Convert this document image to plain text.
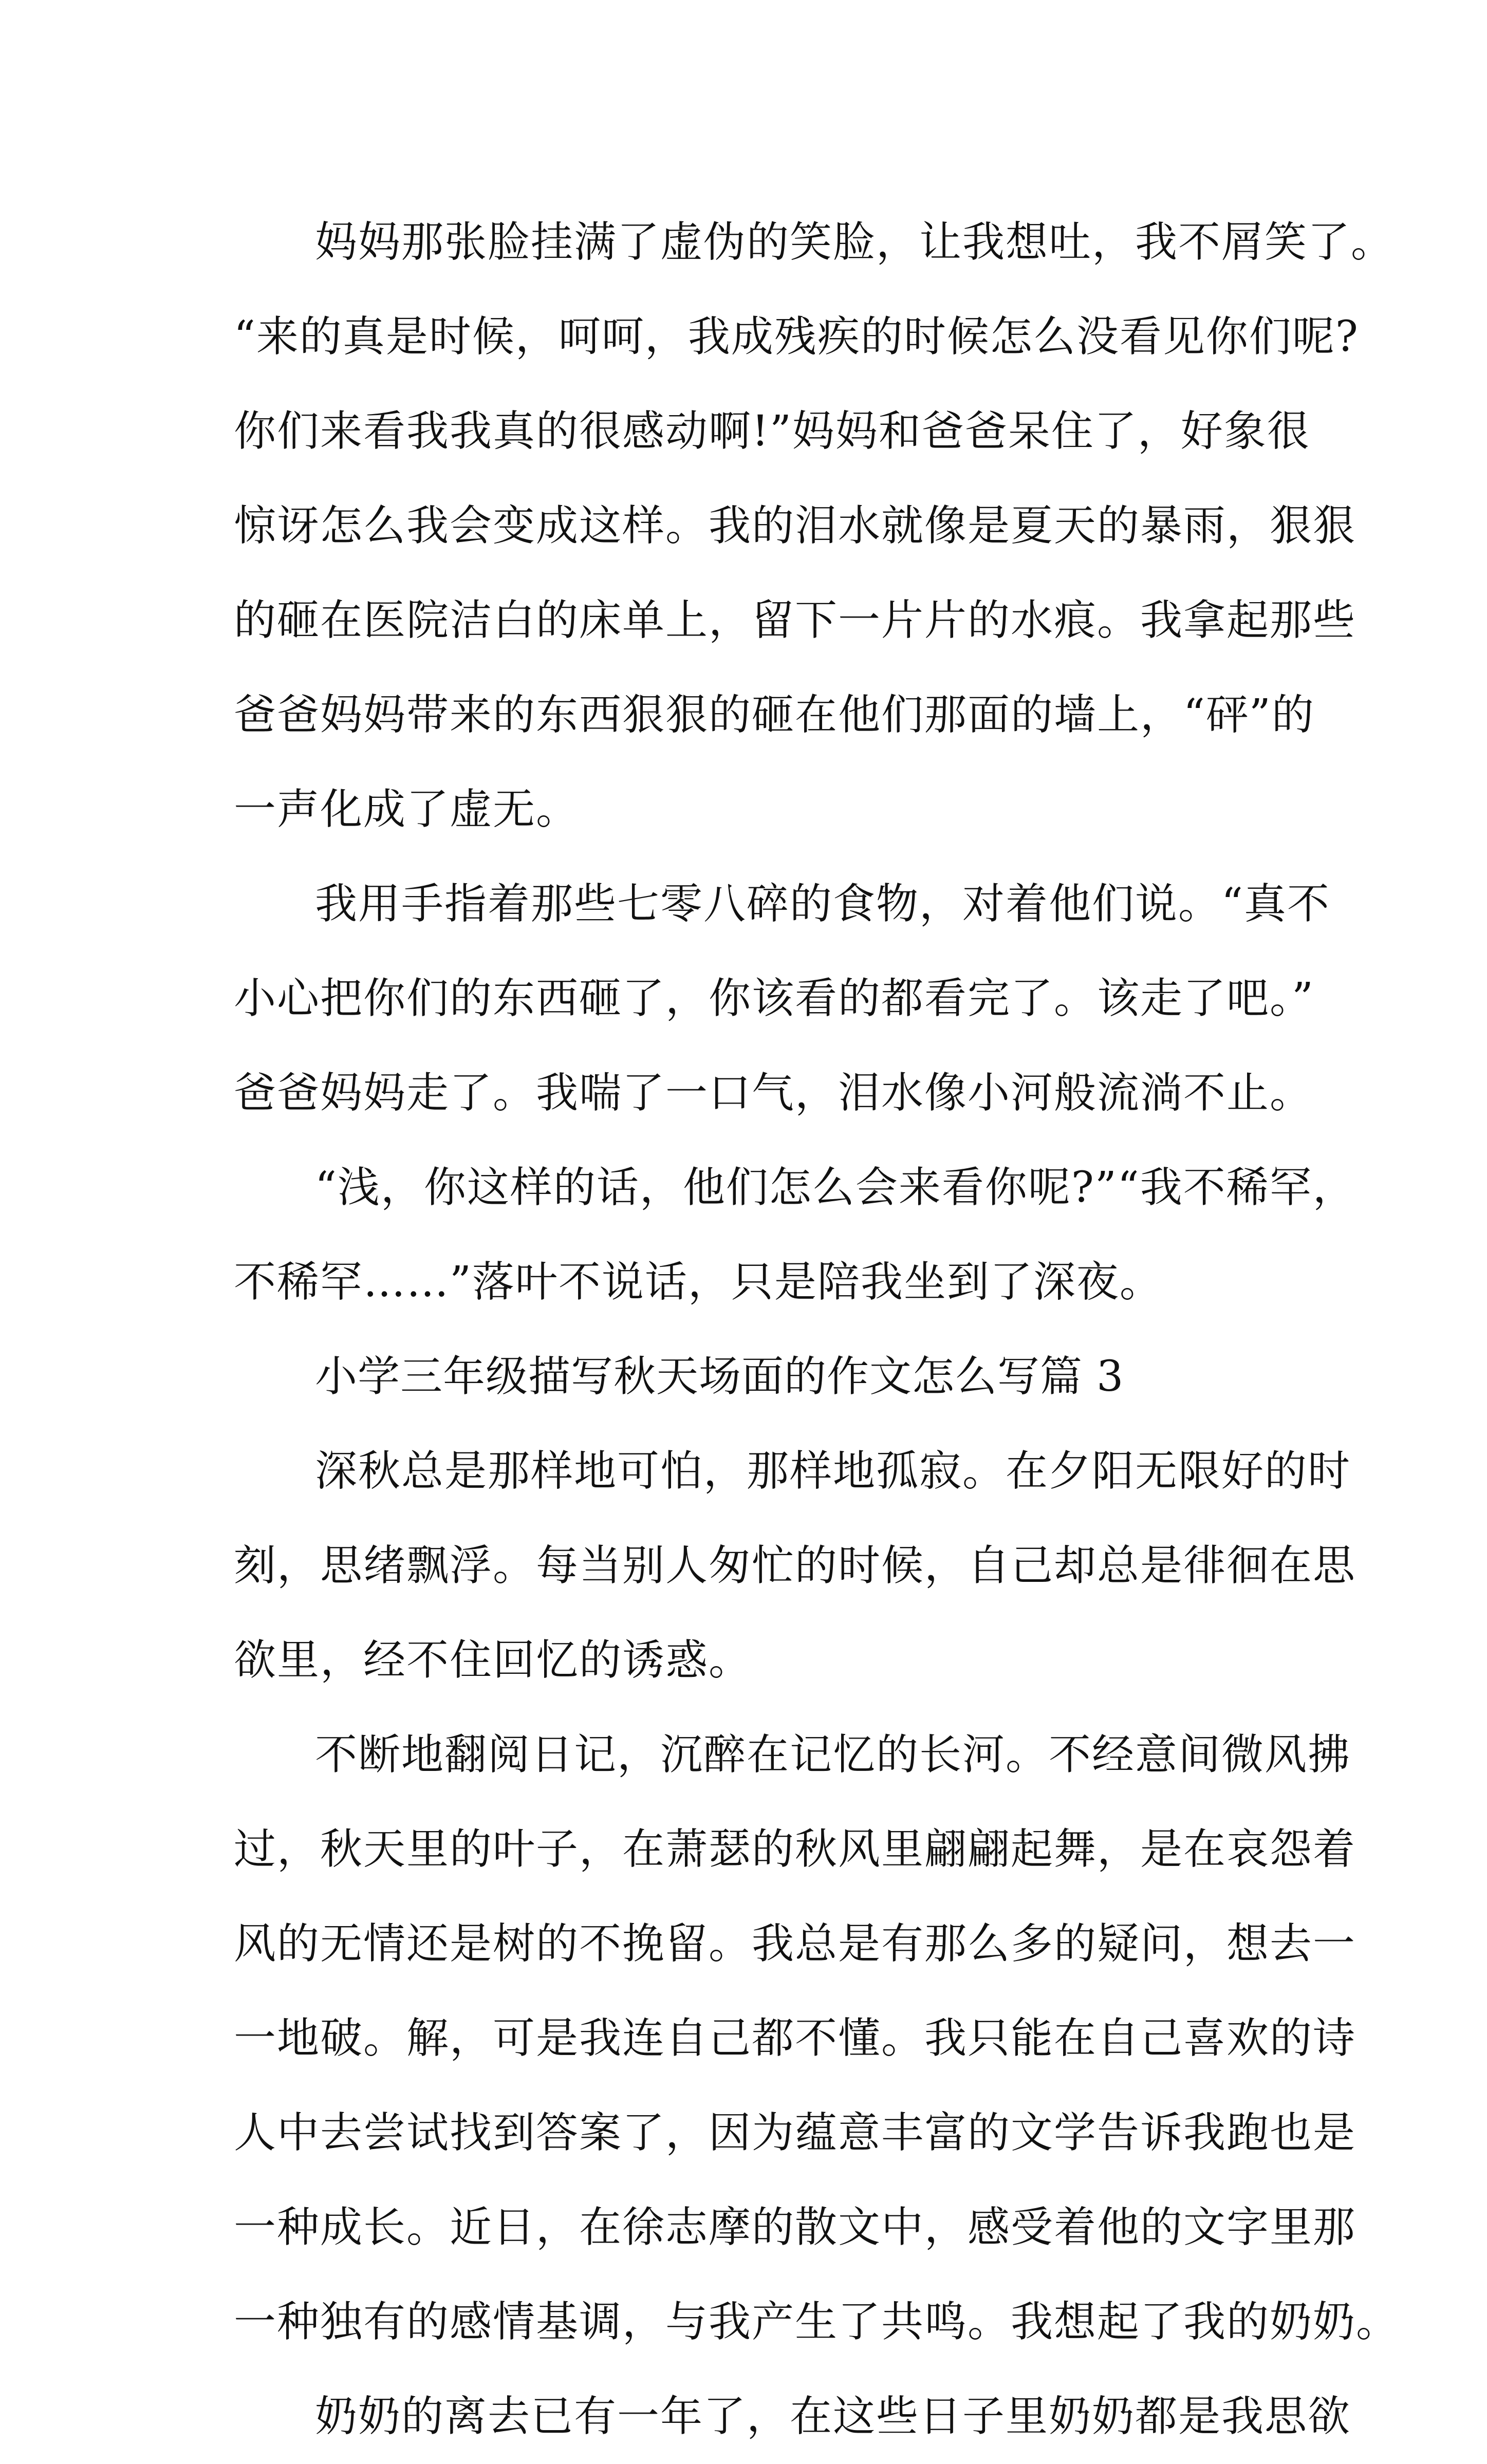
妈妈那张脸挂满了虚伪的笑脸，让我想吐，我不屑笑了。
“来的真是时候，呵呵，我成残疾的时候怎么没看见你们呢?
你们来看我我真的很感动啊!”妈妈和爸爸呆住了，好象很
惊讶怎么我会变成这样。我的泪水就像是夏天的暴雨，狠狠
的砸在医院洁白的床单上，留下一片片的水痕。我拿起那些
爸爸妈妈带来的东西狠狠的砸在他们那面的墙上，“砰”的
一声化成了虚无。
我用手指着那些七零八碎的食物，对着他们说。“真不
小心把你们的东西砸了，你该看的都看完了。该走了吧。”
爸爸妈妈走了。我喘了一口气，泪水像小河般流淌不止。
“浅，你这样的话，他们怎么会来看你呢?”“我不稀罕，
不稀罕……”落叶不说话，只是陪我坐到了深夜。
小学三年级描写秋天场面的作文怎么写篇 3
深秋总是那样地可怕，那样地孤寂。在夕阳无限好的时
刻，思绪飘浮。每当别人匆忙的时候，自己却总是徘徊在思
欲里，经不住回忆的诱惑。
不断地翻阅日记，沉醉在记忆的长河。不经意间微风拂
过，秋天里的叶子，在萧瑟的秋风里翩翩起舞，是在哀怨着
风的无情还是树的不挽留。我总是有那么多的疑问，想去一
一地破。解，可是我连自己都不懂。我只能在自己喜欢的诗
人中去尝试找到答案了，因为蕴意丰富的文学告诉我跑也是
一种成长。近日，在徐志摩的散文中，感受着他的文字里那
一种独有的感情基调，与我产生了共鸣。我想起了我的奶奶。
奶奶的离去已有一年了，在这些日子里奶奶都是我思欲
